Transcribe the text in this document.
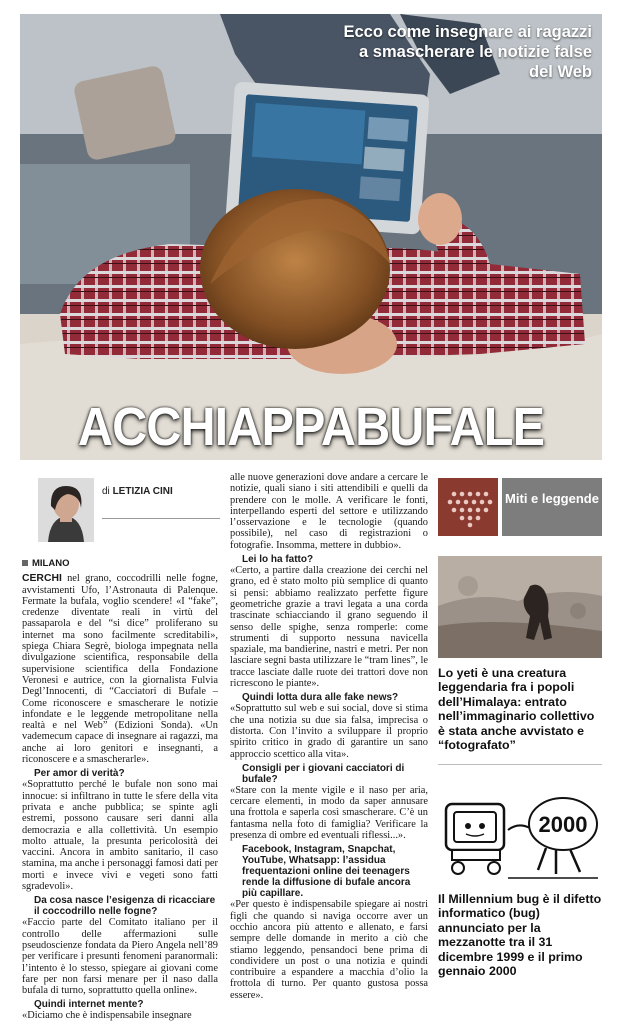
Ecco come insegnare ai ragazzi a smascherare le notizie false del Web
ACCHIAPPABUFALE
di LETIZIA CINI
MILANO

CERCHI nel grano, coccodrilli nelle fogne, avvistamenti Ufo, l’Astronauta di Palenque. Fermate la bufala, voglio scendere! «I “fake”, credenze diventate reali in virtù del passaparola e del “si dice” proliferano su internet ma sono facilmente screditabili», spiega Chiara Segrè, biologa impegnata nella divulgazione scientifica, responsabile della supervisione scientifica della Fondazione Veronesi e autrice, con la giornalista Fulvia Degl’Innocenti, di “Cacciatori di Bufale – Come riconoscere e smascherare le notizie infondate e le leggende metropolitane nella realtà e nel Web” (Edizioni Sonda). «Un vademecum capace di insegnare ai ragazzi, ma anche ai loro genitori e insegnanti, a riconoscere e a smascherarle».

Per amor di verità?

«Soprattutto perché le bufale non sono mai innocue: si infiltrano in tutte le sfere della vita privata e anche pubblica; se spinte agli estremi, possono causare seri danni alla democrazia e alla collettività. Un esempio molto attuale, la presunta pericolosità dei vaccini. Ancora in ambito sanitario, il caso stamina, ma anche i personaggi famosi dati per morti e invece vivi e vegeti sono fatti sgradevoli».

Da cosa nasce l’esigenza di ricacciare il coccodrillo nelle fogne?

«Faccio parte del Comitato italiano per il controllo delle affermazioni sulle pseudoscienze fondata da Piero Angela nell’89 per verificare i presunti fenomeni paranormali: l’intento è lo stesso, spiegare ai giovani come fare per non farsi menare per il naso dalla bufala di turno, soprattutto quella online».

Quindi internet mente?

«Diciamo che è indispensabile insegnare

alle nuove generazioni dove andare a cercare le notizie, quali siano i siti attendibili e quelli da prendere con le molle. A verificare le fonti, interpellando esperti del settore e utilizzando l’osservazione e le tecnologie (quando possibile), nel caso di registrazioni o fotografie. Insomma, mettere in dubbio».

Lei lo ha fatto?

«Certo, a partire dalla creazione dei cerchi nel grano, ed è stato molto più semplice di quanto si pensi: abbiamo realizzato perfette figure geometriche grazie a travi legata a una corda trascinate schiacciando il grano seguendo il senso delle spighe, senza romperle: come strumenti di supporto nessuna navicella spaziale, ma bandierine, nastri e metri. Per non lasciare segni basta utilizzare le “tram lines”, le tracce lasciate dalle ruote dei trattori dove non ricrescono le piante».

Quindi lotta dura alle fake news?

«Soprattutto sul web e sui social, dove si stima che una notizia su due sia falsa, imprecisa o distorta. Con l’invito a sviluppare il proprio spirito critico in grado di garantire un sano approccio scettico alla vita».

Consigli per i giovani cacciatori di bufale?

«Stare con la mente vigile e il naso per aria, cercare elementi, in modo da saper annusare una frottola e saperla così smascherare. C’è un fantasma nella foto di famiglia? Verificare la presenza di ombre ed eventuali riflessi...».

Facebook, Instagram, Snapchat, YouTube, Whatsapp: l’assidua frequentazioni online dei teenagers rende la diffusione di bufale ancora più capillare.

«Per questo è indispensabile spiegare ai nostri figli che quando si naviga occorre aver un occhio ancora più attento e allenato, e farsi sempre delle domande in merito a ciò che stiamo leggendo, pensandoci bene prima di condividere un post o una notizia e quindi contribuire a espandere a macchia d’olio la frottola di turno. Per quanto gustosa possa essere».

Miti e leggende
Lo yeti è una creatura leggendaria fra i popoli dell’Himalaya: entrato nell’immaginario collettivo è stata anche avvistato e “fotografato”
2000
Il Millennium bug è il difetto informatico (bug) annunciato per la mezzanotte tra il 31 dicembre 1999 e il primo gennaio 2000
